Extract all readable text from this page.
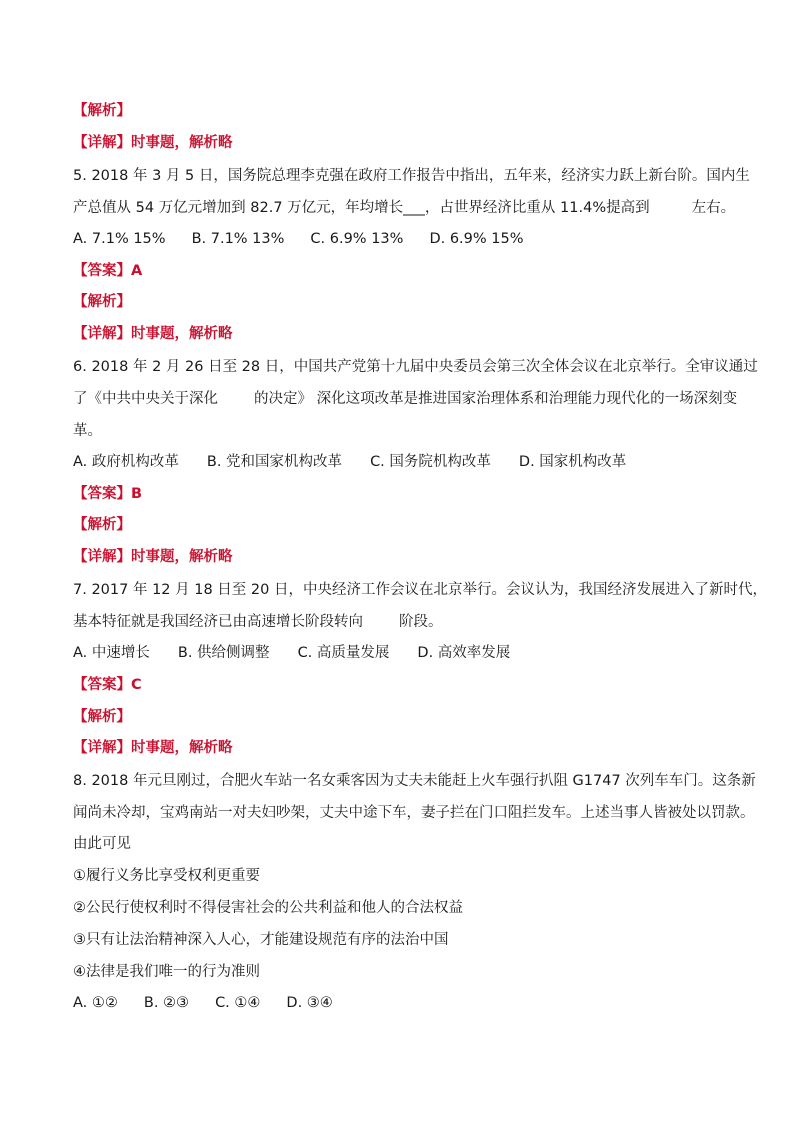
【解析】
【详解】时事题，解析略
5. 2018 年 3 月 5 日，国务院总理李克强在政府工作报告中指出，五年来，经济实力跃上新台阶。国内生
产总值从 54 万亿元增加到 82.7 万亿元，年均增长___，占世界经济比重从 11.4%提高到	左右。
A. 7.1% 15% B. 7.1% 13% C. 6.9% 13% D. 6.9% 15%
【答案】A
【解析】
【详解】时事题，解析略
6. 2018 年 2 月 26 日至 28 日，中国共产党第十九届中央委员会第三次全体会议在北京举行。全审议通过
了《中共中央关于深化 的决定》 深化这项改革是推进国家治理体系和治理能力现代化的一场深刻变
革。
A. 政府机构改革 B. 党和国家机构改革 C. 国务院机构改革 D. 国家机构改革
【答案】B
【解析】
【详解】时事题，解析略
7. 2017 年 12 月 18 日至 20 日，中央经济工作会议在北京举行。会议认为，我国经济发展进入了新时代，
基本特征就是我国经济已由高速增长阶段转向 阶段。
A. 中速增长 B. 供给侧调整 C. 高质量发展 D. 高效率发展
【答案】C
【解析】
【详解】时事题，解析略
8. 2018 年元旦刚过，合肥火车站一名女乘客因为丈夫未能赶上火车强行扒阻 G1747 次列车车门。这条新
闻尚未冷却，宝鸡南站一对夫妇吵架，丈夫中途下车，妻子拦在门口阻拦发车。上述当事人皆被处以罚款。
由此可见
①履行义务比享受权利更重要
②公民行使权利时不得侵害社会的公共利益和他人的合法权益
③只有让法治精神深入人心，才能建设规范有序的法治中国
④法律是我们唯一的行为准则
A. ①② B. ②③ C. ①④ D. ③④
